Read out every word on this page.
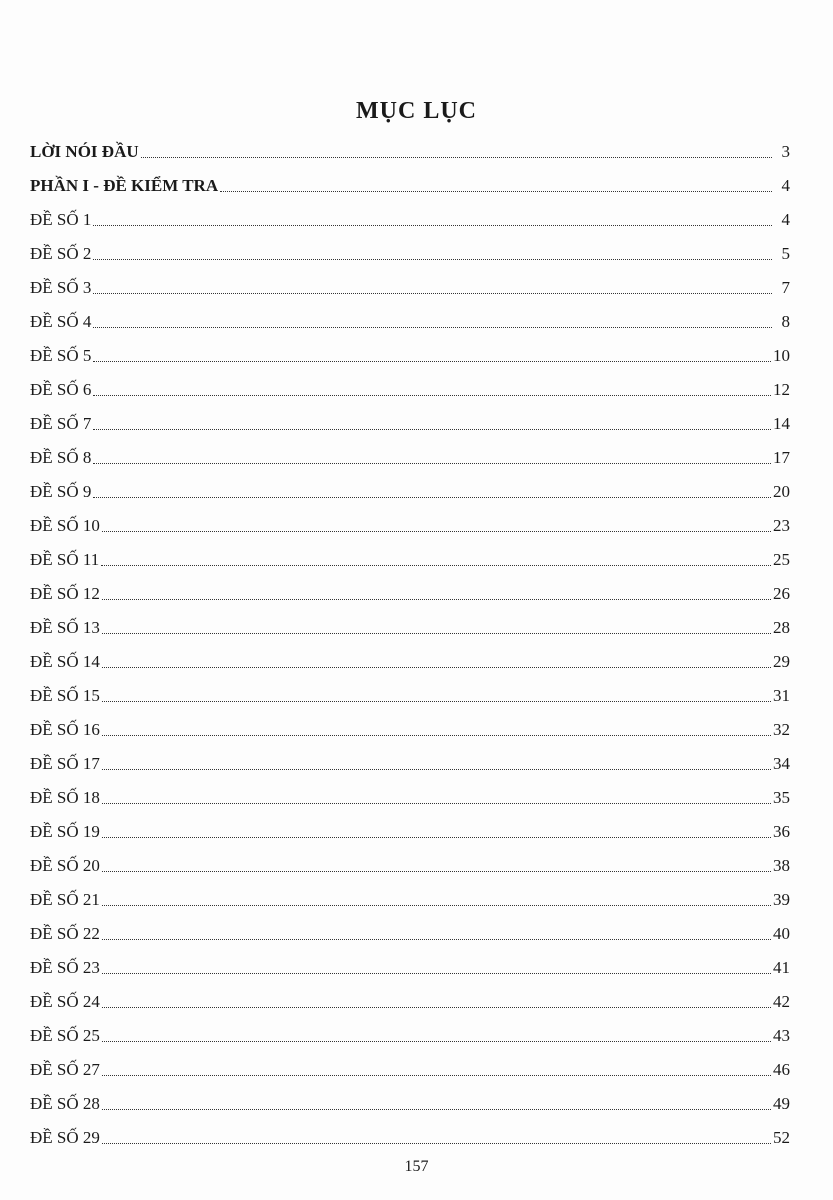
MỤC LỤC
LỜI NÓI ĐẦU	3
PHẦN I - ĐỀ KIỂM TRA	4
ĐỀ SỐ 1	4
ĐỀ SỐ 2	5
ĐỀ SỐ 3	7
ĐỀ SỐ 4	8
ĐỀ SỐ 5	10
ĐỀ SỐ 6	12
ĐỀ SỐ 7	14
ĐỀ SỐ 8	17
ĐỀ SỐ 9	20
ĐỀ SỐ 10	23
ĐỀ SỐ 11	25
ĐỀ SỐ 12	26
ĐỀ SỐ 13	28
ĐỀ SỐ 14	29
ĐỀ SỐ 15	31
ĐỀ SỐ 16	32
ĐỀ SỐ 17	34
ĐỀ SỐ 18	35
ĐỀ SỐ 19	36
ĐỀ SỐ 20	38
ĐỀ SỐ 21	39
ĐỀ SỐ 22	40
ĐỀ SỐ 23	41
ĐỀ SỐ 24	42
ĐỀ SỐ 25	43
ĐỀ SỐ 27	46
ĐỀ SỐ 28	49
ĐỀ SỐ 29	52
157
